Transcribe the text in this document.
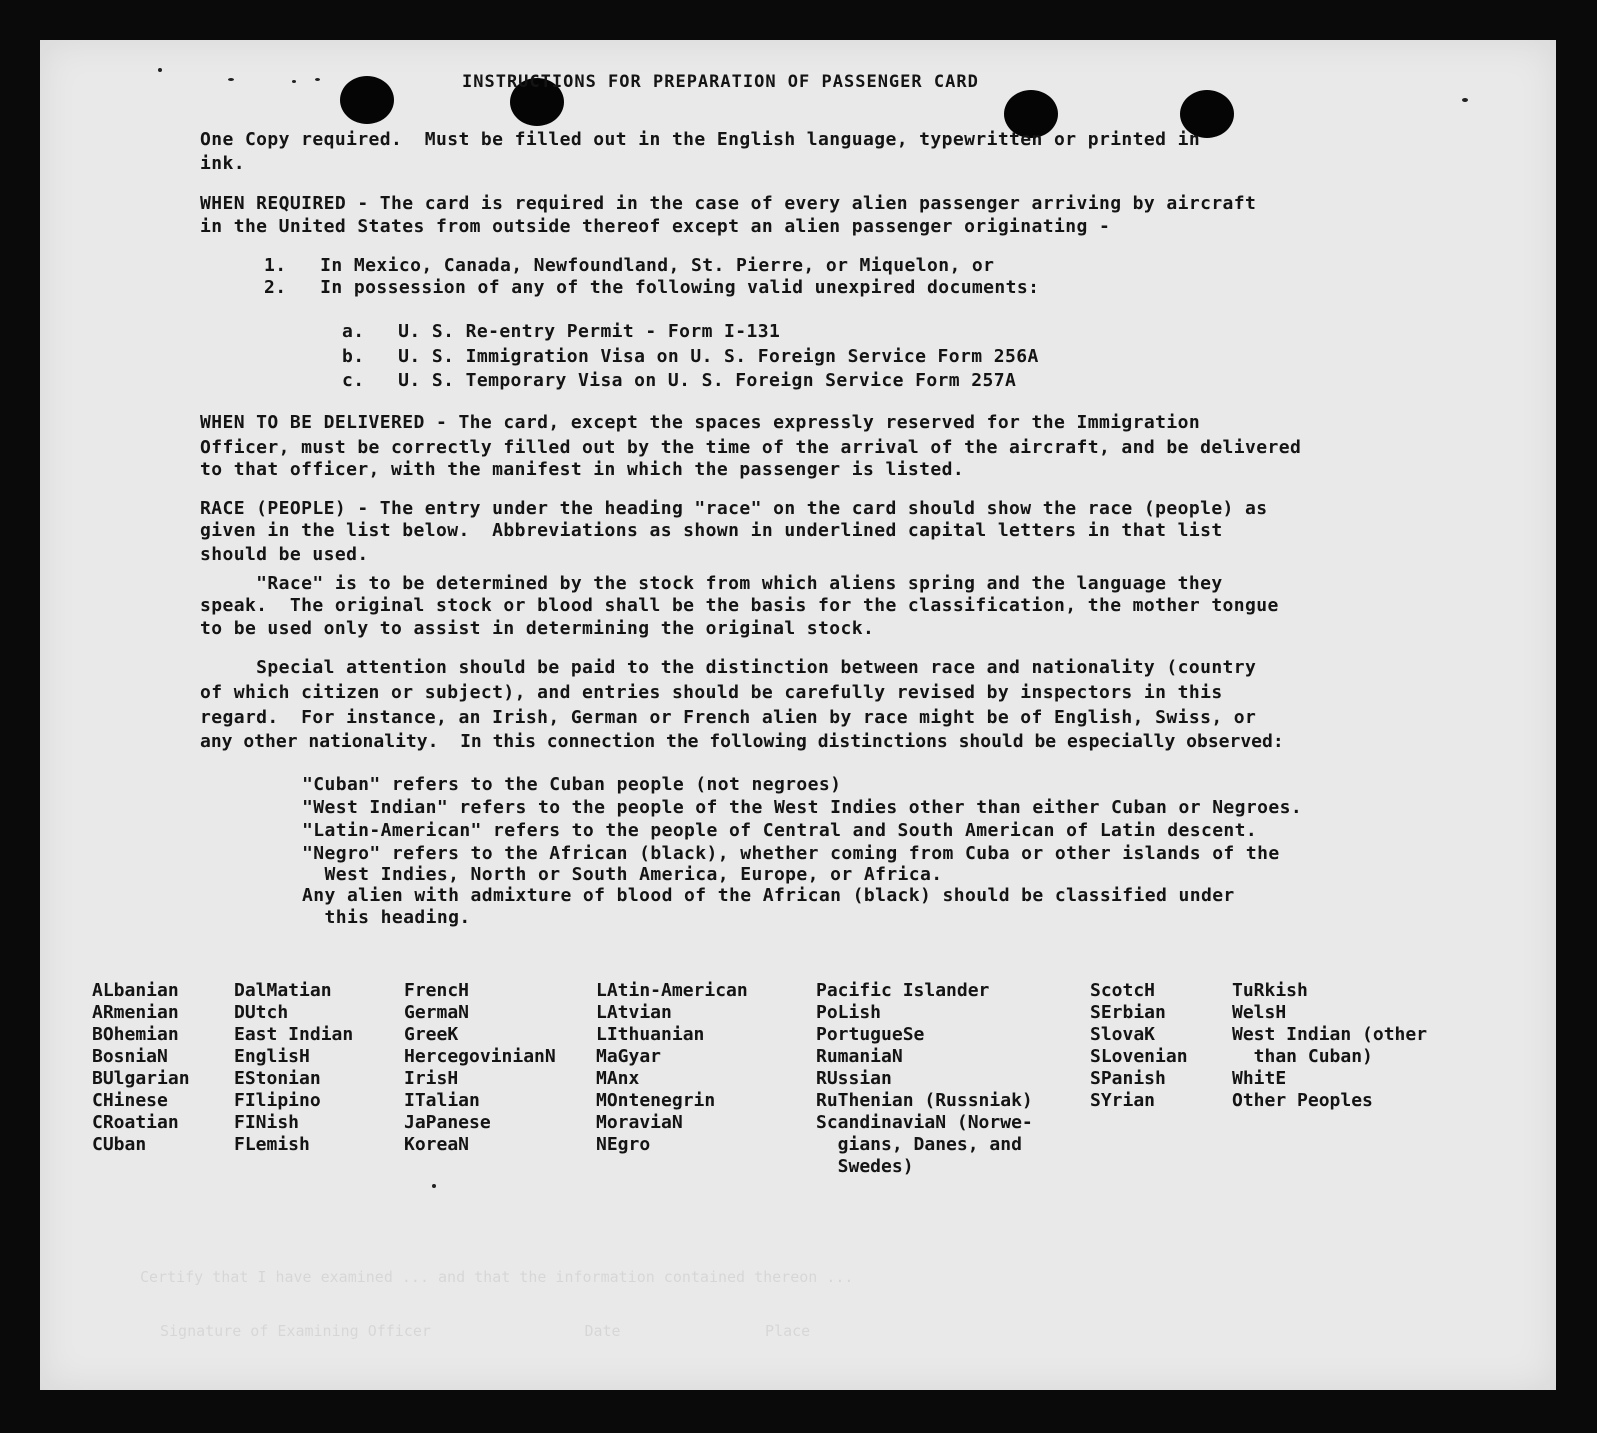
Certify that I have examined ... and that the information contained thereon ...
Signature of Examining Officer                 Date                Place
INSTRUCTIONS FOR PREPARATION OF PASSENGER CARD
One Copy required.  Must be filled out in the English language, typewritten or printed in
ink.
WHEN REQUIRED - The card is required in the case of every alien passenger arriving by aircraft
in the United States from outside thereof except an alien passenger originating -
1.   In Mexico, Canada, Newfoundland, St. Pierre, or Miquelon, or
2.   In possession of any of the following valid unexpired documents:
a.   U. S. Re-entry Permit - Form I-131
b.   U. S. Immigration Visa on U. S. Foreign Service Form 256A
c.   U. S. Temporary Visa on U. S. Foreign Service Form 257A
WHEN TO BE DELIVERED - The card, except the spaces expressly reserved for the Immigration
Officer, must be correctly filled out by the time of the arrival of the aircraft, and be delivered
to that officer, with the manifest in which the passenger is listed.
RACE (PEOPLE) - The entry under the heading "race" on the card should show the race (people) as
given in the list below.  Abbreviations as shown in underlined capital letters in that list
should be used.
"Race" is to be determined by the stock from which aliens spring and the language they
speak.  The original stock or blood shall be the basis for the classification, the mother tongue
to be used only to assist in determining the original stock.
Special attention should be paid to the distinction between race and nationality (country
of which citizen or subject), and entries should be carefully revised by inspectors in this
regard.  For instance, an Irish, German or French alien by race might be of English, Swiss, or
any other nationality.  In this connection the following distinctions should be especially observed:
"Cuban" refers to the Cuban people (not negroes)
"West Indian" refers to the people of the West Indies other than either Cuban or Negroes.
"Latin-American" refers to the people of Central and South American of Latin descent.
"Negro" refers to the African (black), whether coming from Cuba or other islands of the
West Indies, North or South America, Europe, or Africa.
Any alien with admixture of blood of the African (black) should be classified under
this heading.
ALbanian
ARmenian
BOhemian
BosniaN
BUlgarian
CHinese
CRoatian
CUban
DalMatian
DUtch
East Indian
EnglisH
EStonian
FIlipino
FINish
FLemish
FrencH
GermaN
GreeK
HercegovinianN
IrisH
ITalian
JaPanese
KoreaN
LAtin-American
LAtvian
LIthuanian
MaGyar
MAnx
MOntenegrin
MoraviaN
NEgro
Pacific Islander
PoLish
PortugueSe
RumaniaN
RUssian
RuThenian (Russniak)
ScandinaviaN (Norwe-
gians, Danes, and
Swedes)
ScotcH
SErbian
SlovaK
SLovenian
SPanish
SYrian
TuRkish
WelsH
West Indian (other
than Cuban)
WhitE
Other Peoples
